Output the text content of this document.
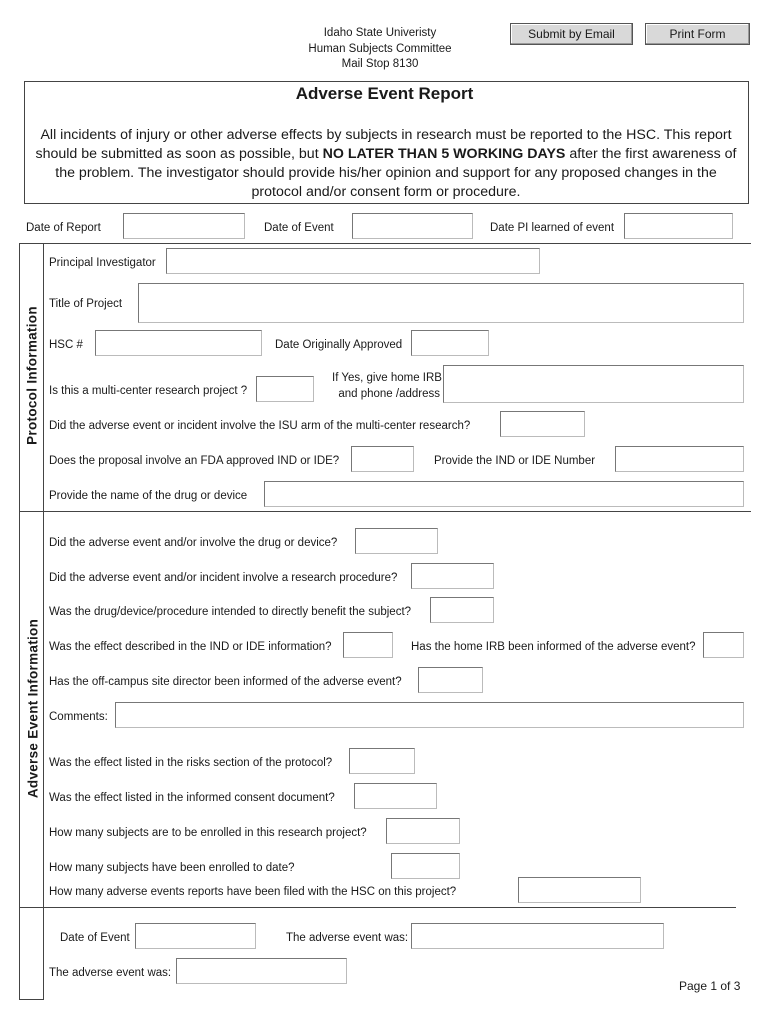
Idaho State Univeristy
Human Subjects Committee
Mail Stop 8130
Submit by Email	Print Form
Adverse Event Report
All incidents of injury or other adverse effects by subjects in research must be reported to the HSC. This report should be submitted as soon as possible, but NO LATER THAN 5 WORKING DAYS after the first awareness of the problem. The investigator should provide his/her opinion and support for any proposed changes in the protocol and/or consent form or procedure.
Date of Report	Date of Event	Date PI learned of event
Protocol Information
Adverse Event Information
Principal Investigator
Title of Project
HSC #	Date Originally Approved
Is this a multi-center research project ?
If Yes, give home IRB
and phone /address
Did the adverse event or incident involve the ISU arm of the multi-center research?
Does the proposal involve an FDA approved IND or IDE?	Provide the IND or IDE Number
Provide the name of the drug or device
Did the adverse event and/or involve the drug or device?
Did the adverse event and/or incident involve a research procedure?
Was the drug/device/procedure intended to directly benefit the subject?
Was the effect described in the IND or IDE information?	Has the home IRB been informed of the adverse event?
Has the off-campus site director been informed of the adverse event?
Comments:
Was the effect listed in the risks section of the protocol?
Was the effect listed in the informed consent document?
How many subjects are to be enrolled in this research project?
How many subjects have been enrolled to date?
How many adverse events reports have been filed with the HSC on this project?
Date of Event	The adverse event was:
The adverse event was:
Page 1 of 3
